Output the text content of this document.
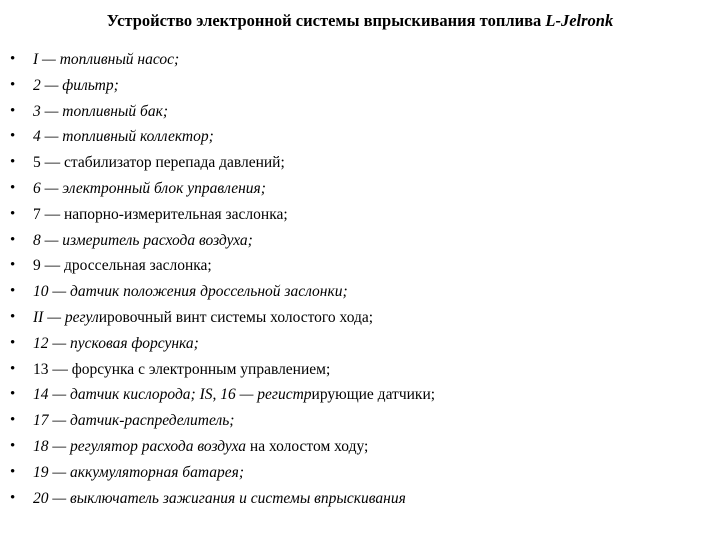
Устройство электронной системы впрыскивания топлива L-Jelronk
•	I — топливный насос;
•	2 — фильтр;
•	3 — топливный бак;
•	4 — топливный коллектор;
•	5 — стабилизатор перепада давлений;
•	6 — электронный блок управления;
•	7 — напорно-измерительная заслонка;
•	8 — измеритель расхода воздуха;
•	9 — дроссельная заслонка;
•	10 — датчик положения дроссельной заслонки;
•	II — регулировочный винт системы холостого хода;
•	12 — пусковая форсунка;
•	13 — форсунка с электронным управлением;
•	14 — датчик кислорода; IS, 16 — регистрирующие датчики;
•	17 — датчик-распределитель;
•	18 — регулятор расхода воздуха на холостом ходу;
•	19 — аккумуляторная батарея;
•	20 — выключатель зажигания и системы впрыскивания
